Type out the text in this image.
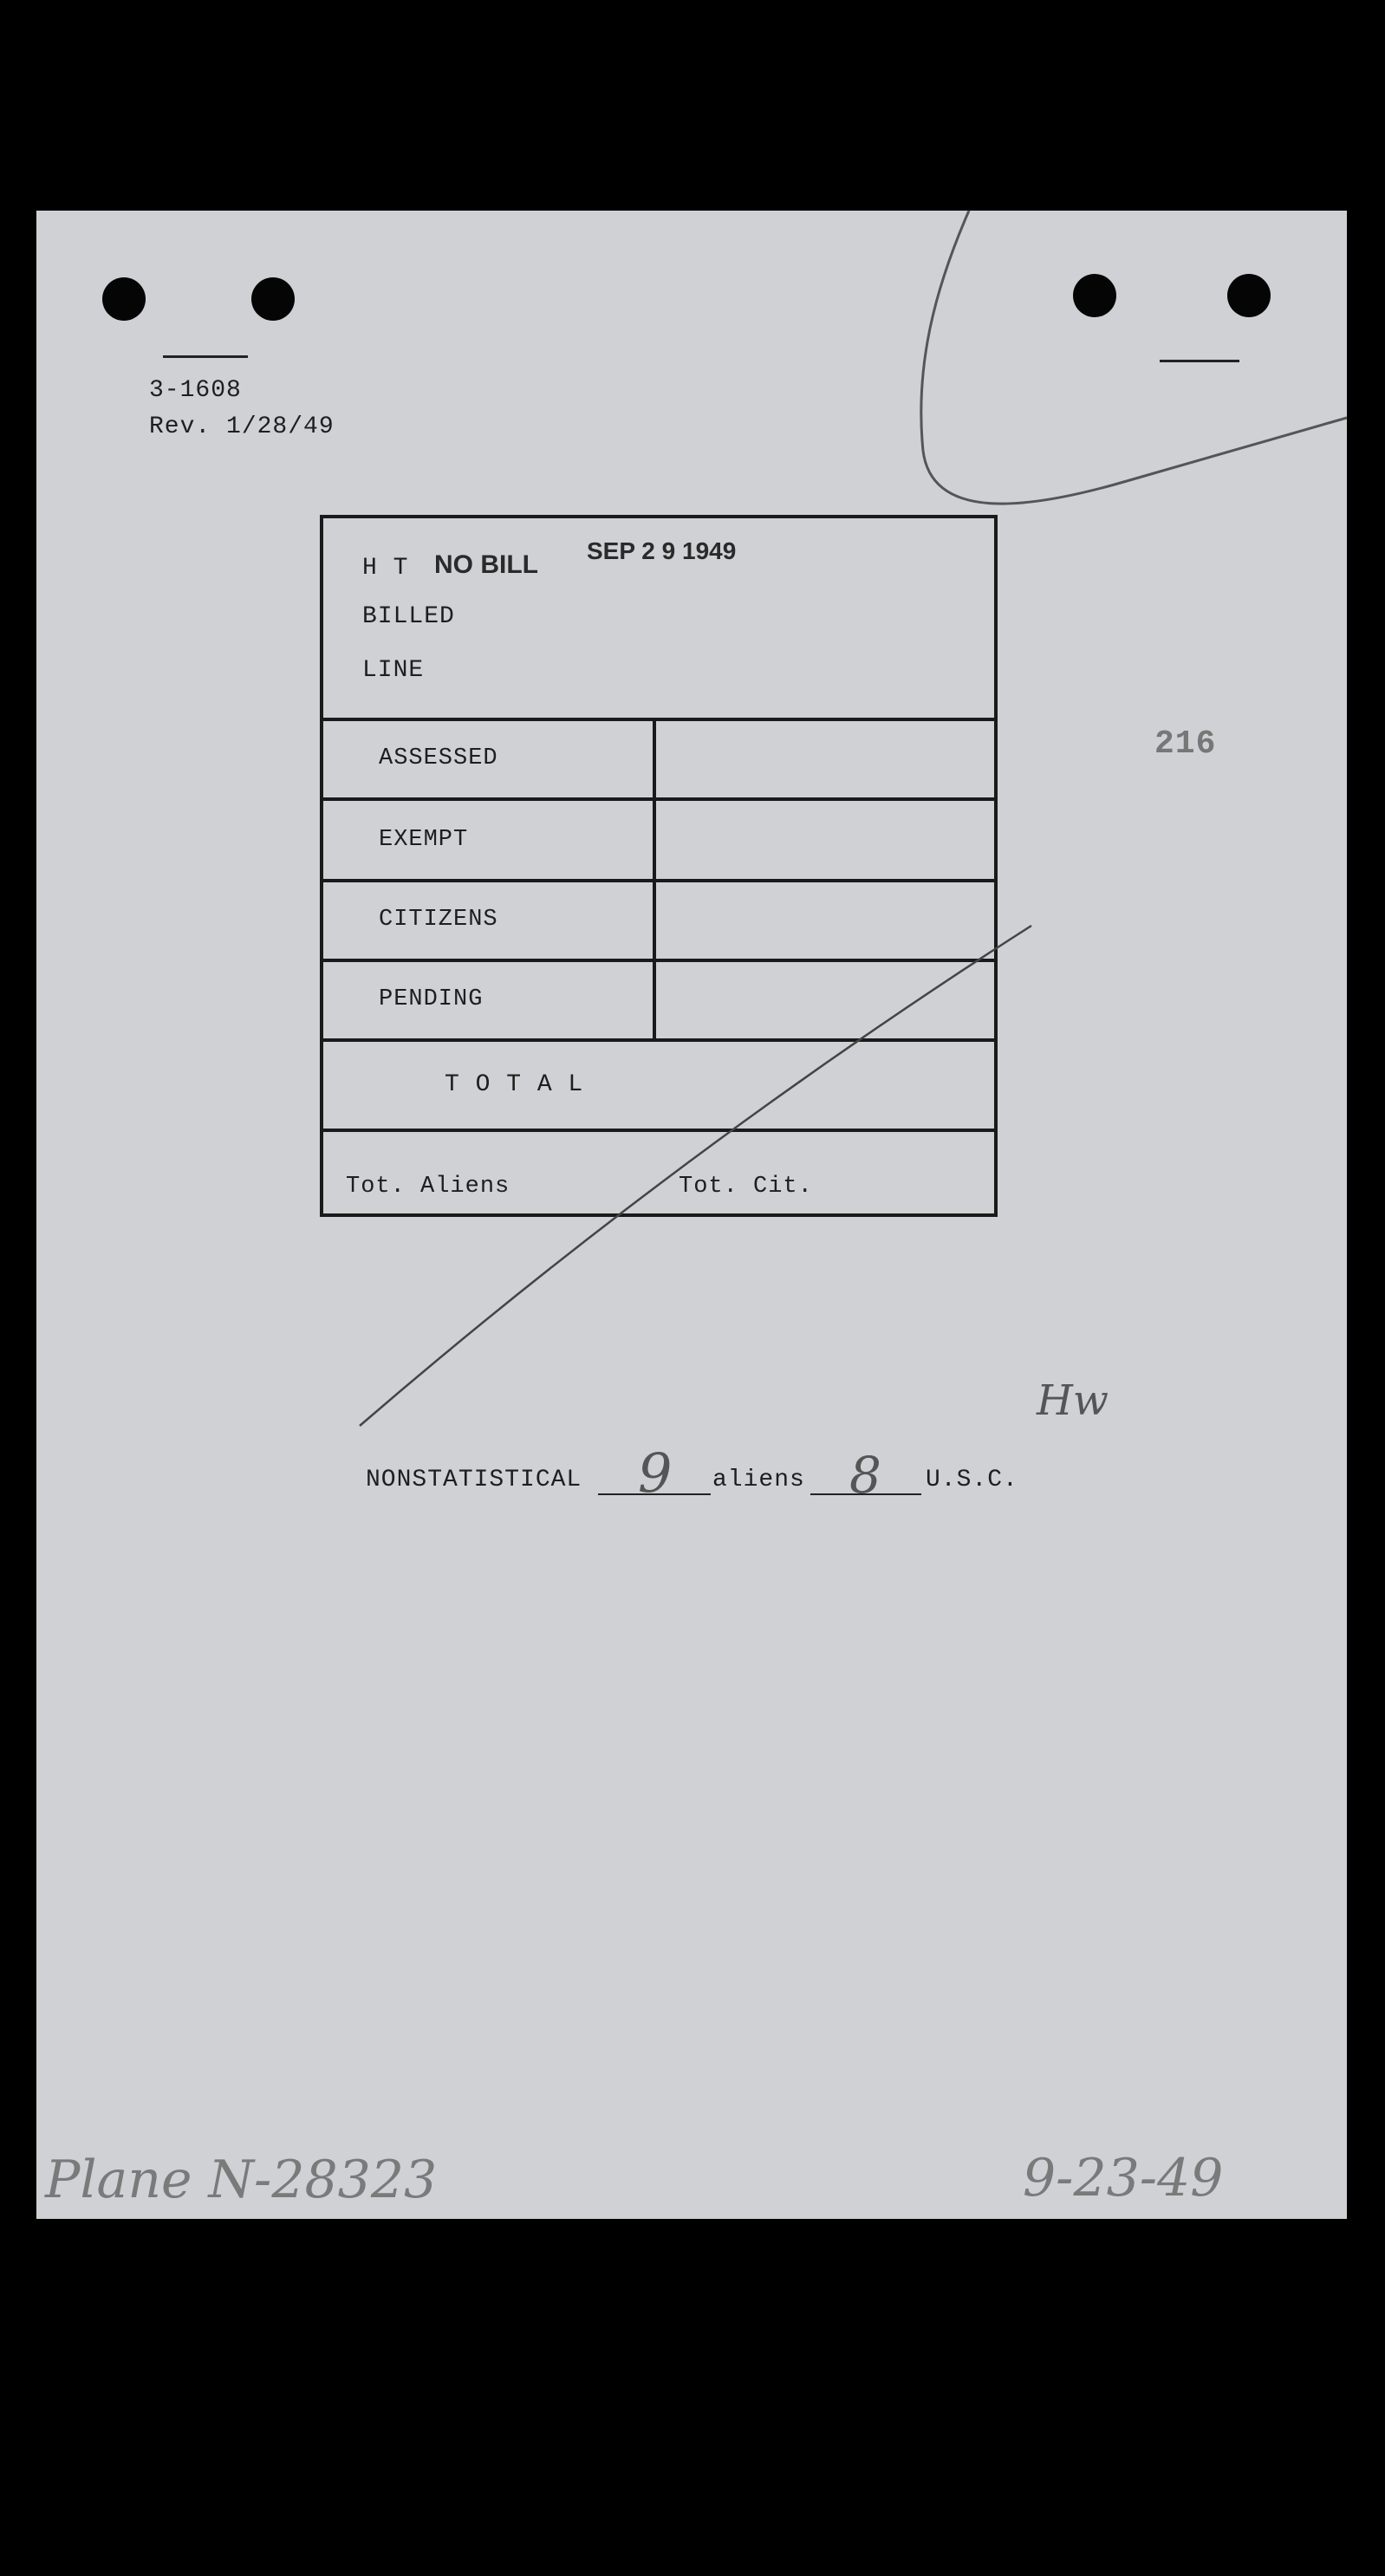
3-1608
Rev. 1/28/49
216
H T NO BILL SEP 2 9 1949
BILLED
LINE
ASSESSED
EXEMPT
CITIZENS
PENDING
T O T A L
Tot. Aliens	Tot. Cit.
Hw
NONSTATISTICAL 9 aliens 8 U.S.C.
Plane N-28323	9-23-49
